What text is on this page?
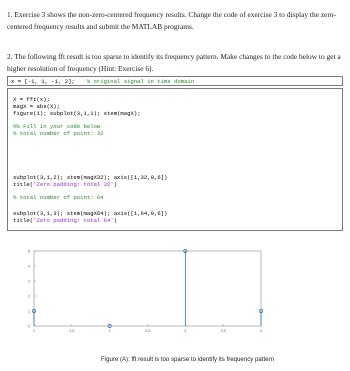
1. Exercise 3 shows the non-zero-centered frequency results. Change the code of exercise 3 to display the zero-centered frequency results and submit the MATLAB programs.
2. The following fft result is too sparse to identify its frequency pattern. Make changes to the code below to get a higher resolution of frequency (Hint: Exercise 6).
x = [-1, 1, -1, 2]; % original signal in time domain
X = fft(x);
magX = abs(X);
figure(1); subplot(3,1,1); stem(magX);
%% Fill in your code below
% total number of point: 32
subplot(3,1,2); stem(magX32); axis([1,32,0,6])
title('Zero padding: total 32')
% total number of point: 64
subplot(3,1,3); stem(magX64); axis([1,64,0,6])
title('Zero padding: total 64')
0
1
2
3
4
5
1	1.5	2	2.5	3	3.5	4
Figure (A): fft result is too sparse to identify its frequency pattern
